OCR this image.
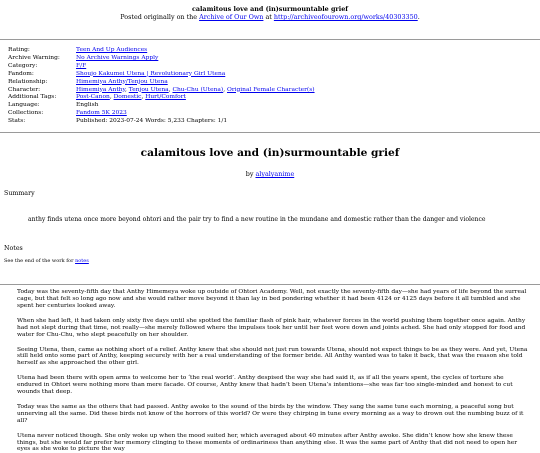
calamitous love and (in)surmountable grief
Posted originally on the Archive of Our Own at http://archiveofourown.org/works/40303350.
Rating:	Teen And Up Audiences
Archive Warning:	No Archive Warnings Apply
Category:	F/F
Fandom:	Shoujo Kakumei Utena | Revolutionary Girl Utena
Relationship:	Himemiya Anthy/Tenjou Utena
Character:	Himemiya Anthy, Tenjou Utena, Chu-Chu (Utena), Original Female Character(s)
Additional Tags:	Post-Canon, Domestic, Hurt/Comfort
Language:	English
Collections:	Fandom 5K 2023
Stats:	Published: 2023-07-24 Words: 5,233 Chapters: 1/1
calamitous love and (in)surmountable grief
by alyalyanime
Summary
anthy finds utena once more beyond ohtori and the pair try to find a new routine in the mundane and domestic rather than the danger and violence
Notes
See the end of the work for notes

Today was the seventy-fifth day that Anthy Himemeya woke up outside of Ohtori Academy. Well, not exactly the seventy-fifth day—she had years of life beyond the surreal cage, but that felt so long ago now and she would rather move beyond it than lay in bed pondering whether it had been 4124 or 4125 days before it all tumbled and she spent her centuries looked away.

When she had left, it had taken only sixty five days until she spotted the familiar flash of pink hair, whatever forces in the world pushing them together once again. Anthy had not slept during that time, not really—she merely followed where the impulses took her until her feet wore down and joints ached. She had only stopped for food and water for Chu-Chu, who slept peacefully on her shoulder.

Seeing Utena, then, came as nothing short of a relief. Anthy knew that she should not just run towards Utena, should not expect things to be as they were. And yet, Utena still held onto some part of Anthy, keeping securely with her a real understanding of the former bride. All Anthy wanted was to take it back, that was the reason she told herself as she approached the other girl.

Utena had been there with open arms to welcome her to ‘the real world’. Anthy despised the way she had said it, as if all the years spent, the cycles of torture she endured in Ohtori were nothing more than mere facade. Of course, Anthy knew that hadn’t been Utena’s intentions—she was far too single-minded and honest to cut wounds that deep.

Today was the same as the others that had passed. Anthy awoke to the sound of the birds by the window. They sang the same tune each morning, a peaceful song but unnerving all the same. Did these birds not know of the horrors of this world? Or were they chirping in tune every morning as a way to drown out the numbing buzz of it all?

Utena never noticed though. She only woke up when the mood suited her, which averaged about 40 minutes after Anthy awoke. She didn’t know how she knew these things, but she would far prefer her memory clinging to these moments of ordinariness than anything else. It was the same part of Anthy that did not need to open her eyes as she woke to picture the way
